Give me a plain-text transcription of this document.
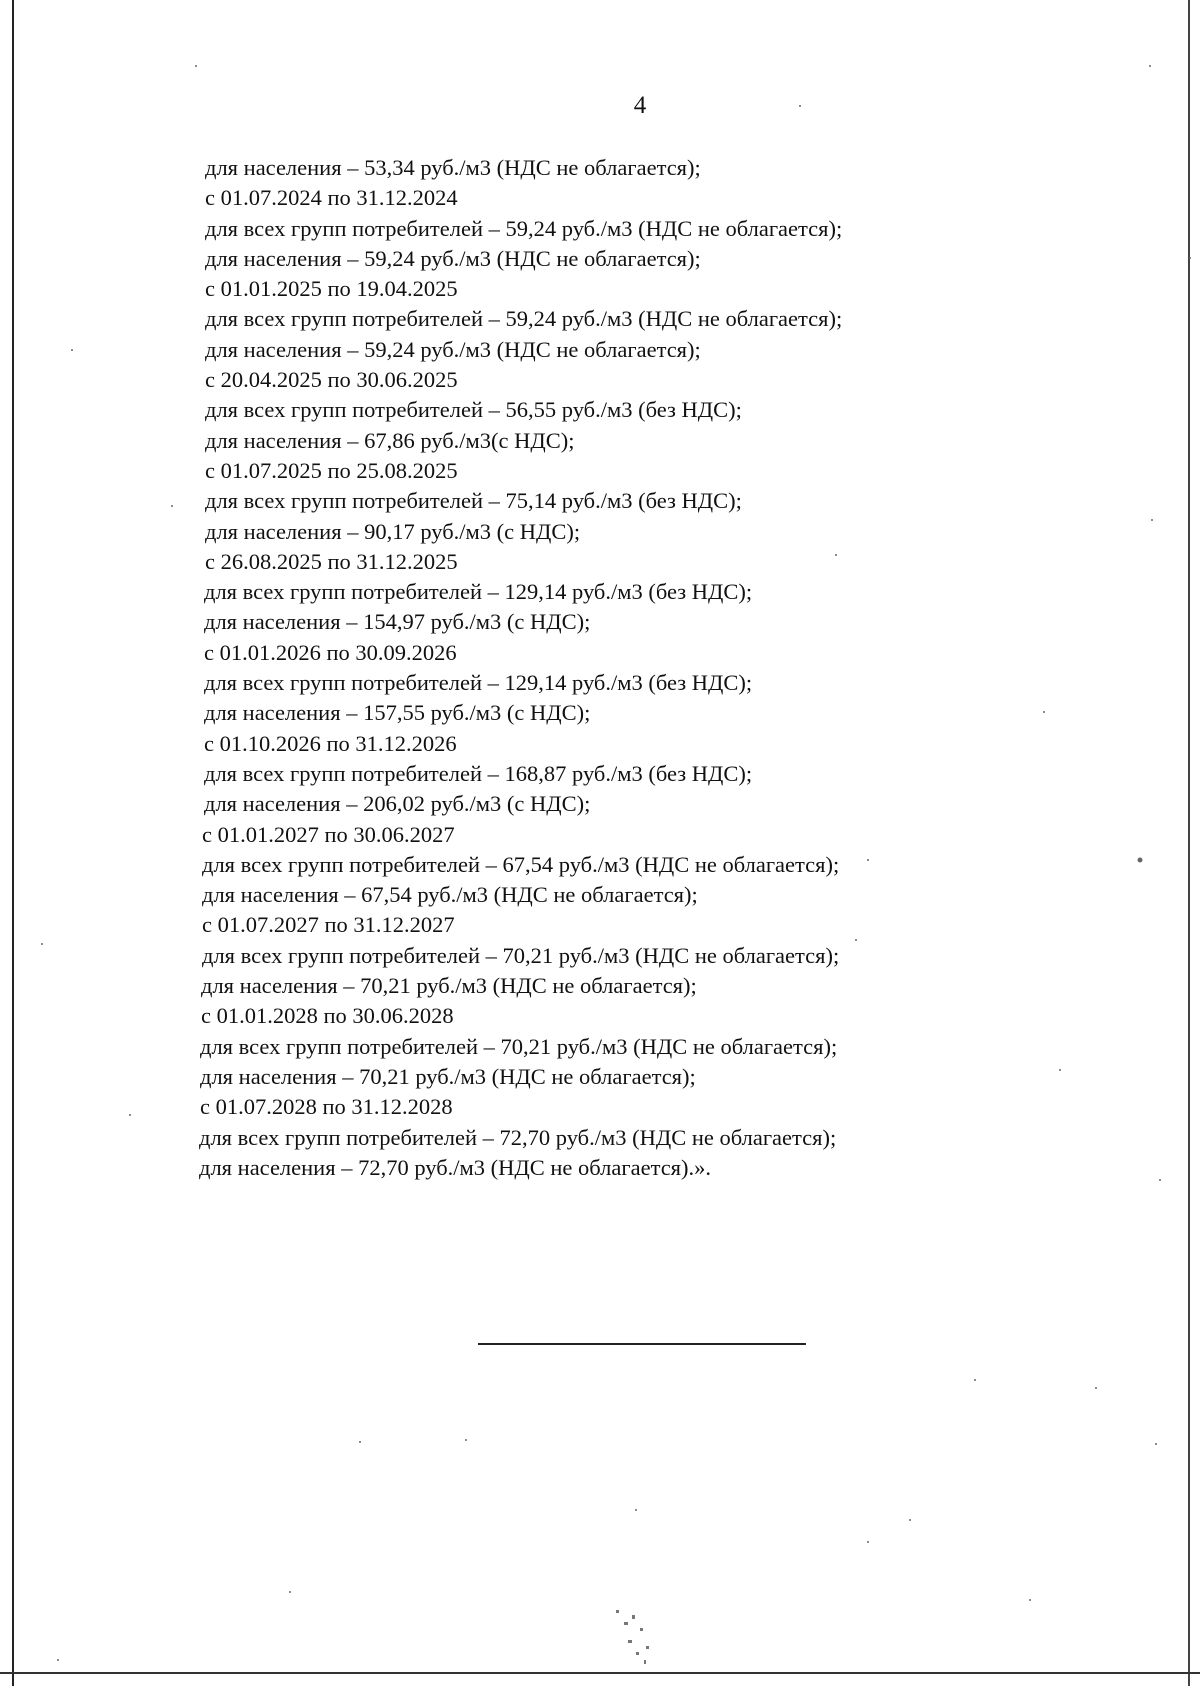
4
для населения – 53,34 руб./м3 (НДС не облагается);
с 01.07.2024 по 31.12.2024
для всех групп потребителей – 59,24 руб./м3 (НДС не облагается);
для населения – 59,24 руб./м3 (НДС не облагается);
с 01.01.2025 по 19.04.2025
для всех групп потребителей – 59,24 руб./м3 (НДС не облагается);
для населения – 59,24 руб./м3 (НДС не облагается);
с 20.04.2025 по 30.06.2025
для всех групп потребителей – 56,55 руб./м3 (без НДС);
для населения – 67,86 руб./м3(с НДС);
с 01.07.2025 по 25.08.2025
для всех групп потребителей – 75,14 руб./м3 (без НДС);
для населения – 90,17 руб./м3 (с НДС);
с 26.08.2025 по 31.12.2025
для всех групп потребителей – 129,14 руб./м3 (без НДС);
для населения – 154,97 руб./м3 (с НДС);
с 01.01.2026 по 30.09.2026
для всех групп потребителей – 129,14 руб./м3 (без НДС);
для населения – 157,55 руб./м3 (с НДС);
с 01.10.2026 по 31.12.2026
для всех групп потребителей – 168,87 руб./м3 (без НДС);
для населения – 206,02 руб./м3 (с НДС);
с 01.01.2027 по 30.06.2027
для всех групп потребителей – 67,54 руб./м3 (НДС не облагается);
для населения – 67,54 руб./м3 (НДС не облагается);
с 01.07.2027 по 31.12.2027
для всех групп потребителей – 70,21 руб./м3 (НДС не облагается);
для населения – 70,21 руб./м3 (НДС не облагается);
с 01.01.2028 по 30.06.2028
для всех групп потребителей – 70,21 руб./м3 (НДС не облагается);
для населения – 70,21 руб./м3 (НДС не облагается);
с 01.07.2028 по 31.12.2028
для всех групп потребителей – 72,70 руб./м3 (НДС не облагается);
для населения – 72,70 руб./м3 (НДС не облагается).».
